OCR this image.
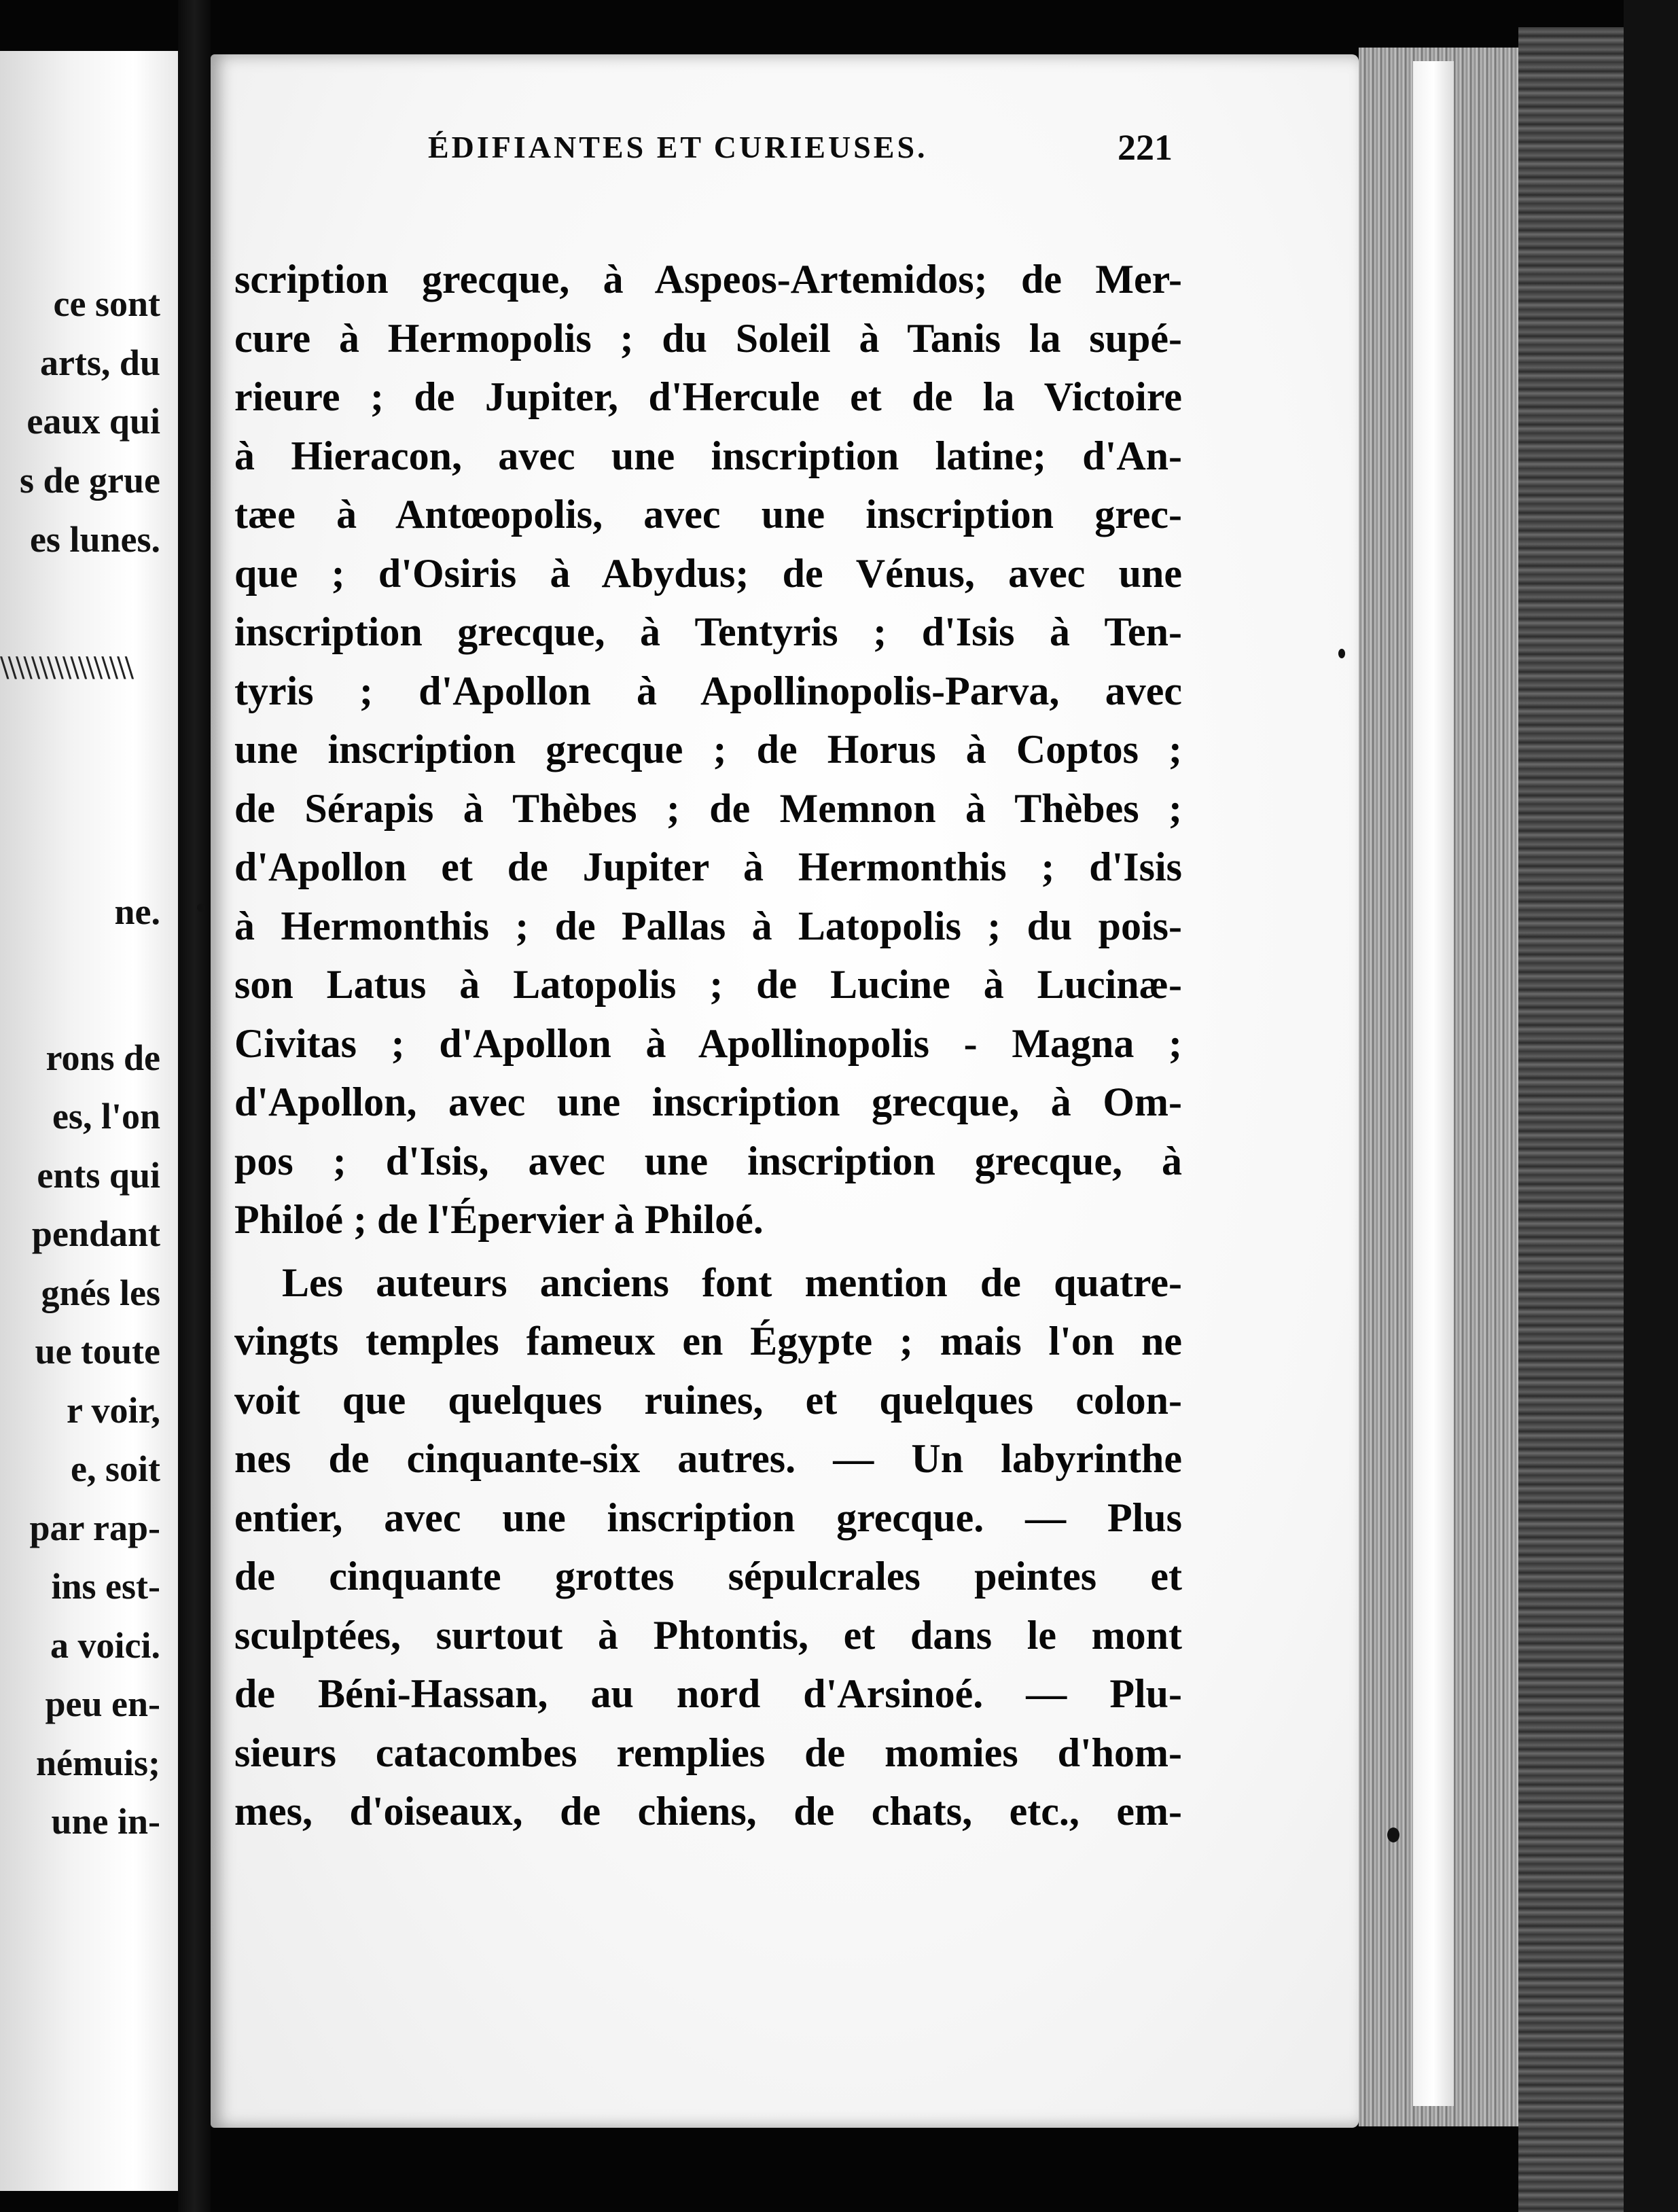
ce sont
arts, du
eaux qui
s de grue
es lunes.
\\\\\\\\\\\\\\\\\
ne.
rons de
es, l'on
ents qui
pendant
gnés les
ue toute
r voir,
e, soit
par rap-
ins est-
a voici.
peu en-
némuis;
une in-
ÉDIFIANTES ET CURIEUSES.	221
scription grecque, à Aspeos-Artemidos; de Mer-
cure à Hermopolis ; du Soleil à Tanis la supé-
rieure ; de Jupiter, d'Hercule et de la Victoire
à Hieracon, avec une inscription latine; d'An-
tæe à Antœopolis, avec une inscription grec-
que ; d'Osiris à Abydus; de Vénus, avec une
inscription grecque, à Tentyris ; d'Isis à Ten-
tyris ; d'Apollon à Apollinopolis-Parva, avec
une inscription grecque ; de Horus à Coptos ;
de Sérapis à Thèbes ; de Memnon à Thèbes ;
d'Apollon et de Jupiter à Hermonthis ; d'Isis
à Hermonthis ; de Pallas à Latopolis ; du pois-
son Latus à Latopolis ; de Lucine à Lucinæ-
Civitas ; d'Apollon à Apollinopolis - Magna ;
d'Apollon, avec une inscription grecque, à Om-
pos ; d'Isis, avec une inscription grecque, à
Philoé ; de l'Épervier à Philoé.
Les auteurs anciens font mention de quatre-
vingts temples fameux en Égypte ; mais l'on ne
voit que quelques ruines, et quelques colon-
nes de cinquante-six autres. — Un labyrinthe
entier, avec une inscription grecque. — Plus
de cinquante grottes sépulcrales peintes et
sculptées, surtout à Phtontis, et dans le mont
de Béni-Hassan, au nord d'Arsinoé. — Plu-
sieurs catacombes remplies de momies d'hom-
mes, d'oiseaux, de chiens, de chats, etc., em-
